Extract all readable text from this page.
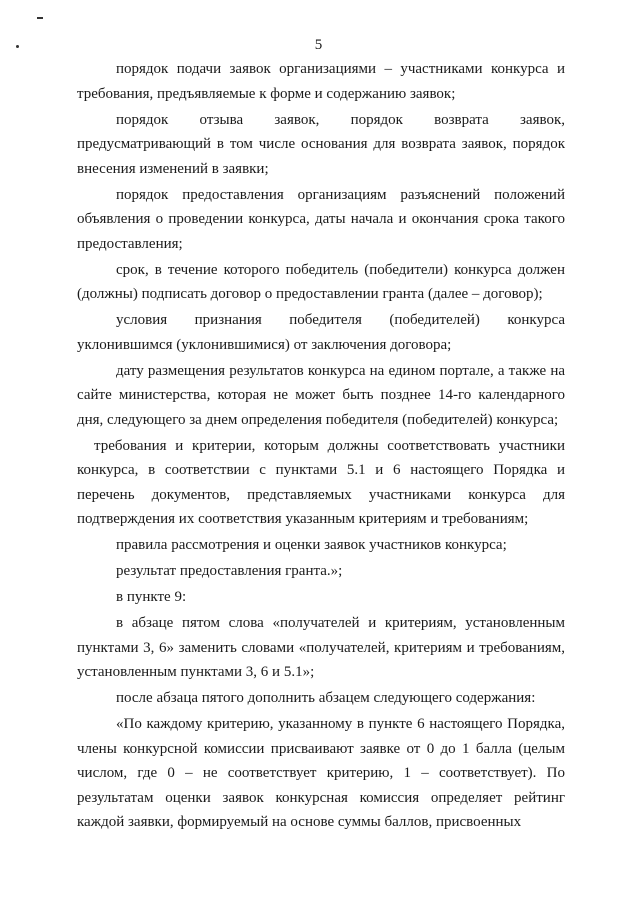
5

порядок подачи заявок организациями – участниками конкурса и требования, предъявляемые к форме и содержанию заявок;

порядок отзыва заявок, порядок возврата заявок, предусматривающий в том числе основания для возврата заявок, порядок внесения изменений в заявки;

порядок предоставления организациям разъяснений положений объявления о проведении конкурса, даты начала и окончания срока такого предоставления;

срок, в течение которого победитель (победители) конкурса должен (должны) подписать договор о предоставлении гранта (далее – договор);

условия признания победителя (победителей) конкурса уклонившимся (уклонившимися) от заключения договора;

дату размещения результатов конкурса на едином портале, а также на сайте министерства, которая не может быть позднее 14-го календарного дня, следующего за днем определения победителя (победителей) конкурса;

требования и критерии, которым должны соответствовать участники конкурса, в соответствии с пунктами 5.1 и 6 настоящего Порядка и перечень документов, представляемых участниками конкурса для подтверждения их соответствия указанным критериям и требованиям;

правила рассмотрения и оценки заявок участников конкурса;

результат предоставления гранта.»;

в пункте 9:

в абзаце пятом слова «получателей и критериям, установленным пунктами 3, 6» заменить словами «получателей, критериям и требованиям, установленным пунктами 3, 6 и 5.1»;

после абзаца пятого дополнить абзацем следующего содержания:

«По каждому критерию, указанному в пункте 6 настоящего Порядка, члены конкурсной комиссии присваивают заявке от 0 до 1 балла (целым числом, где 0 – не соответствует критерию, 1 – соответствует). По результатам оценки заявок конкурсная комиссия определяет рейтинг каждой заявки, формируемый на основе суммы баллов, присвоенных
